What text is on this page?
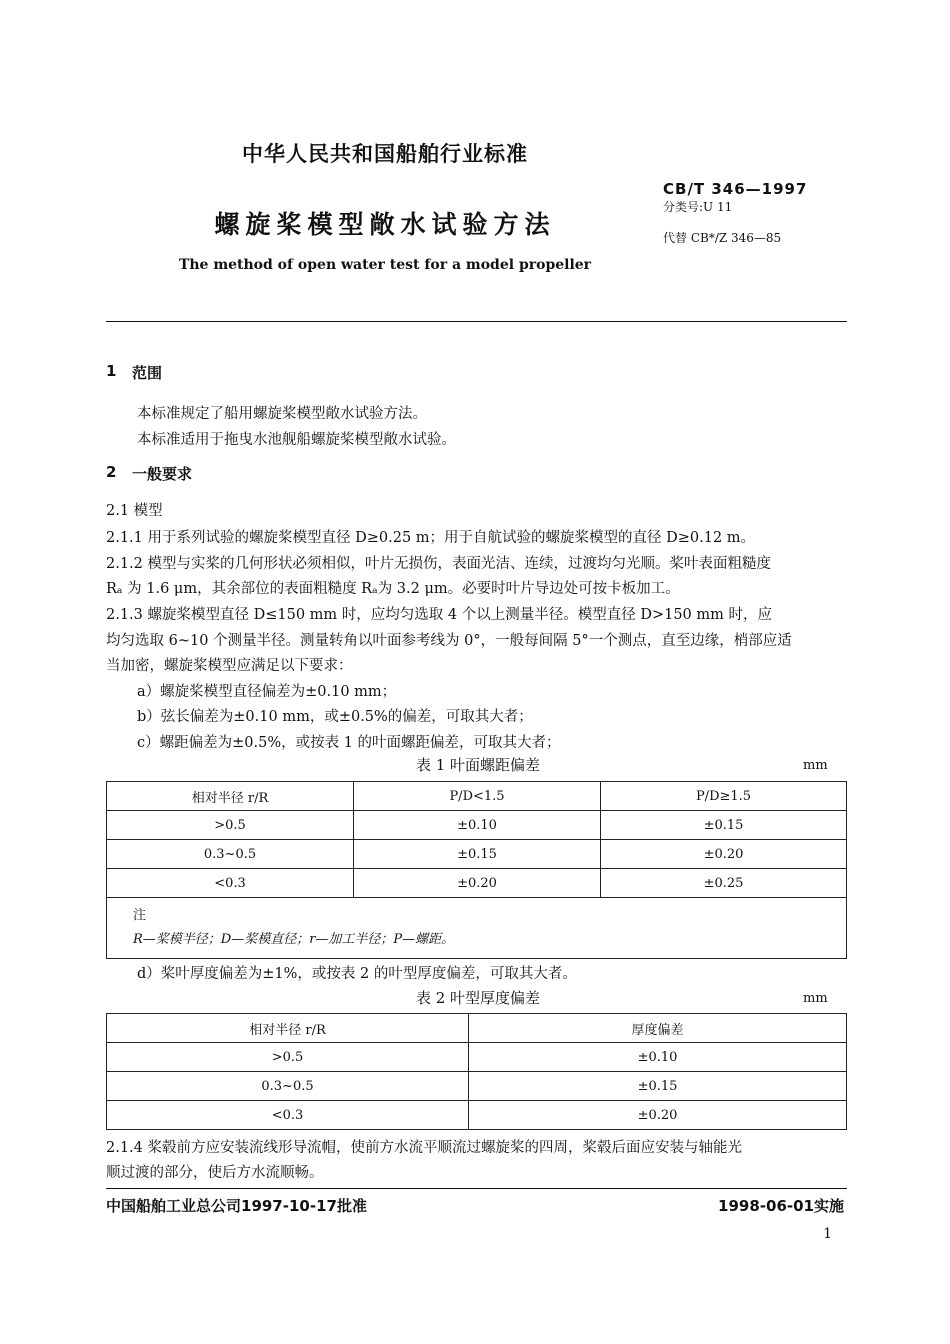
中华人民共和国船舶行业标准
CB/T 346—1997
分类号:U 11
螺旋桨模型敞水试验方法	代替 CB*/Z 346—85
The method of open water test for a model propeller
1 范围
本标准规定了船用螺旋桨模型敞水试验方法。
本标准适用于拖曳水池舰船螺旋桨模型敞水试验。
2 一般要求
2.1 模型
2.1.1 用于系列试验的螺旋桨模型直径 D≥0.25 m；用于自航试验的螺旋桨模型的直径 D≥0.12 m。
2.1.2 模型与实桨的几何形状必须相似，叶片无损伤，表面光洁、连续，过渡均匀光顺。桨叶表面粗糙度
Rₐ 为 1.6 μm，其余部位的表面粗糙度 Rₐ为 3.2 μm。必要时叶片导边处可按卡板加工。
2.1.3 螺旋桨模型直径 D≤150 mm 时，应均匀选取 4 个以上测量半径。模型直径 D>150 mm 时，应
均匀选取 6~10 个测量半径。测量转角以叶面参考线为 0°，一般每间隔 5°一个测点，直至边缘，梢部应适
当加密，螺旋桨模型应满足以下要求：
a）螺旋桨模型直径偏差为±0.10 mm；
b）弦长偏差为±0.10 mm，或±0.5%的偏差，可取其大者；
c）螺距偏差为±0.5%，或按表 1 的叶面螺距偏差，可取其大者；
表 1 叶面螺距偏差	mm
相对半径 r/R	P/D<1.5	P/D≥1.5
>0.5	±0.10	±0.15
0.3~0.5	±0.15	±0.20
<0.3	±0.20	±0.25

注
R—桨模半径；D—桨模直径；r—加工半径；P—螺距。		
d）桨叶厚度偏差为±1%，或按表 2 的叶型厚度偏差，可取其大者。
表 2 叶型厚度偏差	mm
相对半径 r/R	厚度偏差
>0.5	±0.10
0.3~0.5	±0.15
<0.3	±0.20
2.1.4 桨毂前方应安装流线形导流帽，使前方水流平顺流过螺旋桨的四周，桨毂后面应安装与轴能光
顺过渡的部分，使后方水流顺畅。
中国船舶工业总公司1997-10-17批准	1998-06-01实施
1
